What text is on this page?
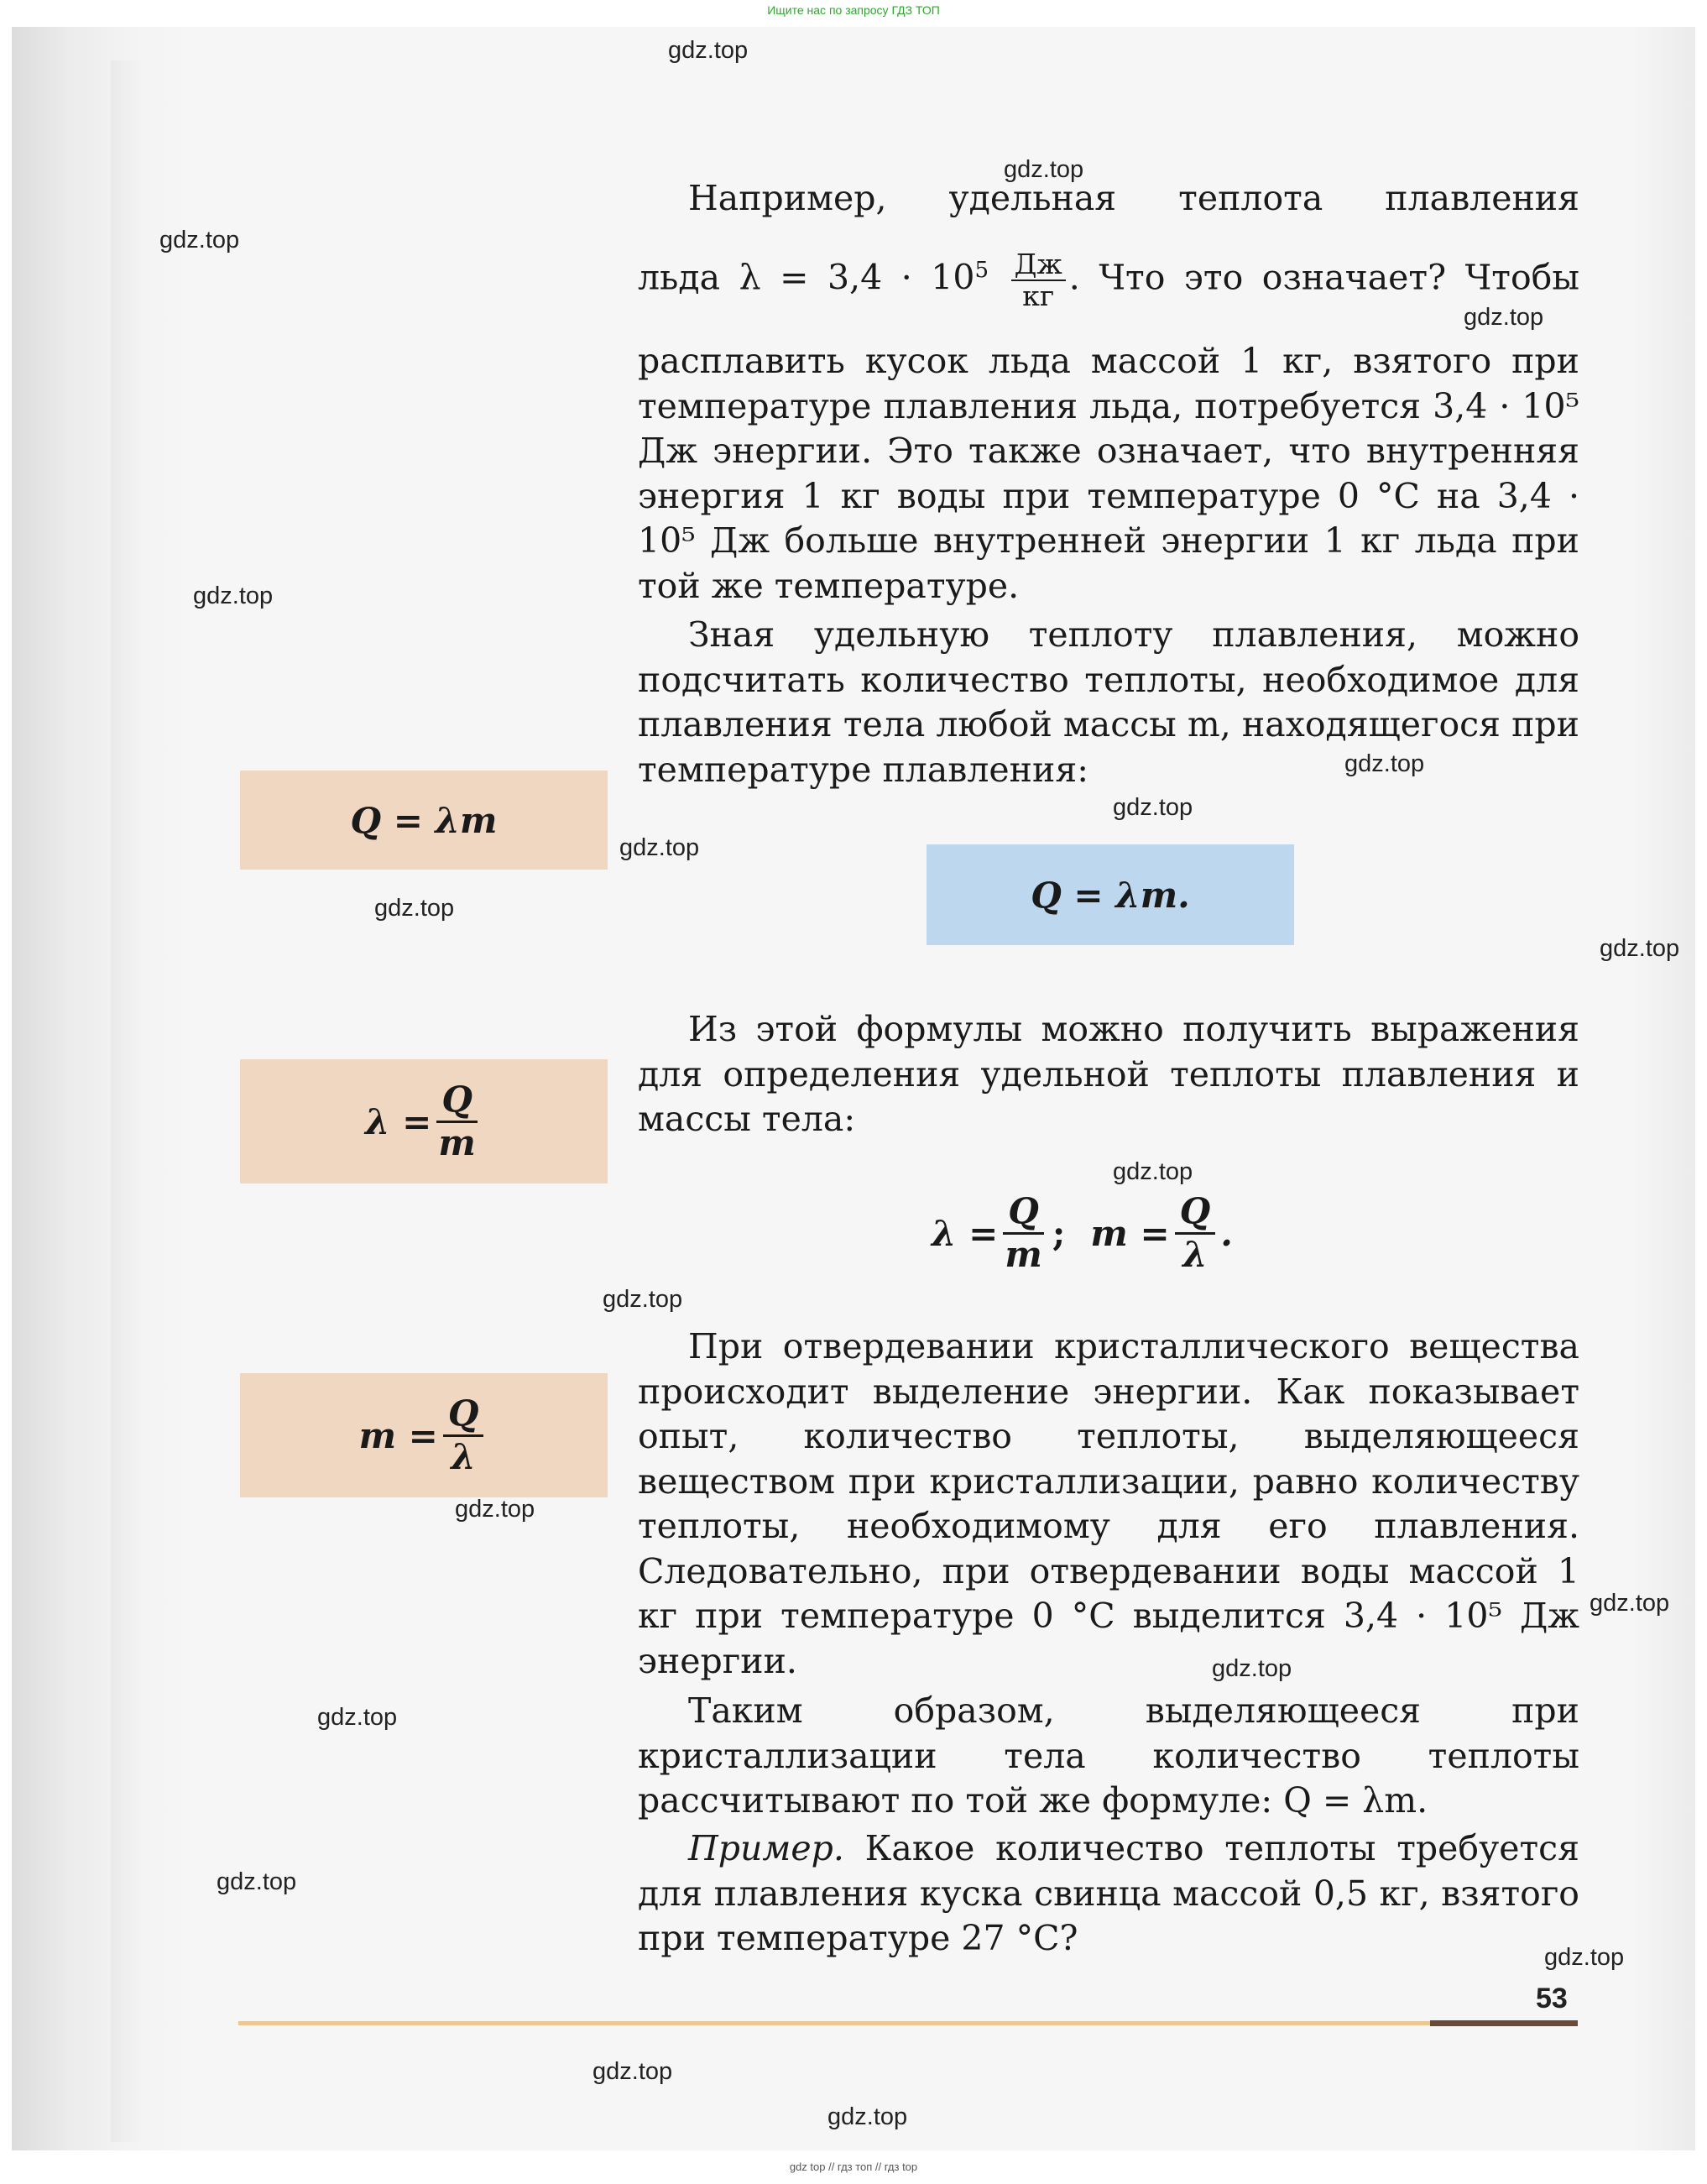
Ищите нас по запросу ГДЗ ТОП
Например, удельная теплота плавления
льда $\lambda = 3,4 \cdot 10^5 \frac{Дж}{кг}$ . Что это означает? Чтобы
расплавить кусок льда массой 1 кг, взятого при температуре плавления льда, потребуется 3,4 · 10⁵ Дж энергии. Это также означает, что внутренняя энергия 1 кг воды при температуре 0 °С на 3,4 · 10⁵ Дж больше внутренней энергии 1 кг льда при той же температуре.
Зная удельную теплоту плавления, можно подсчитать количество теплоты, необходимое для плавления тела любой массы m, находящегося при температуре плавления:
Q = λm.
Из этой формулы можно получить выражения для определения удельной теплоты плавления и массы тела:
$\lambda = \frac{Q}{m}$ ; $m = \frac{Q}{\lambda}$ .
При отвердевании кристаллического вещества происходит выделение энергии. Как показывает опыт, количество теплоты, выделяющееся веществом при кристаллизации, равно количеству теплоты, необходимому для его плавления. Следовательно, при отвердевании воды массой 1 кг при температуре 0 °С выделится 3,4 · 10⁵ Дж энергии.
Таким образом, выделяющееся при кристаллизации тела количество теплоты рассчитывают по той же формуле: Q = λm.
Пример. Какое количество теплоты требуется для плавления куска свинца массой 0,5 кг, взятого при температуре 27 °С?
Q = λm
$\lambda = \frac{Q}{m}$
$m = \frac{Q}{\lambda}$
53
gdz.top
gdz.top
gdz.top
gdz.top
gdz.top
gdz.top
gdz.top
gdz.top
gdz.top
gdz.top
gdz.top
gdz.top
gdz.top
gdz.top
gdz.top
gdz.top
gdz.top
gdz.top
gdz.top
gdz.top
gdz top // гдз топ // гдз top
